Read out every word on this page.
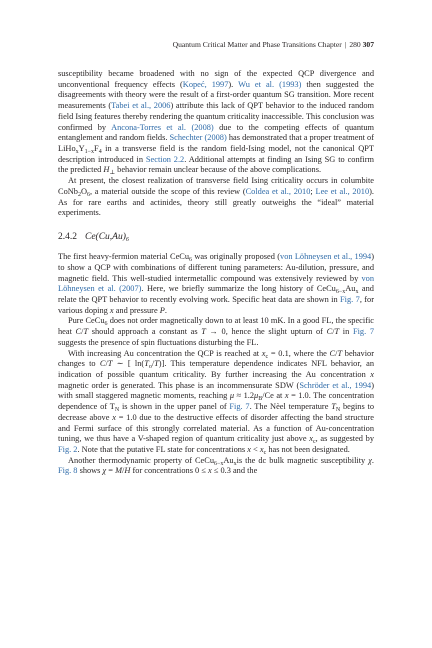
Quantum Critical Matter and Phase Transitions Chapter | 280 307

susceptibility became broadened with no sign of the expected QCP divergence and unconventional frequency effects (Kopeć, 1997). Wu et al. (1993) then suggested the disagreements with theory were the result of a first-order quantum SG transition. More recent measurements (Tabei et al., 2006) attribute this lack of QPT behavior to the induced random field Ising features thereby rendering the quantum criticality inaccessible. This conclusion was confirmed by Ancona-Torres et al. (2008) due to the competing effects of quantum entanglement and random fields. Schechter (2008) has demonstrated that a proper treatment of $LiHo_xY_{1-x}F_4$ in a transverse field is the random field-Ising model, not the canonical QPT description introduced in Section 2.2. Additional attempts at finding an Ising SG to confirm the predicted $H_\perp$ behavior remain unclear because of the above complications.

At present, the closest realization of transverse field Ising criticality occurs in columbite $CoNb_2O_6$, a material outside the scope of this review (Coldea et al., 2010; Lee et al., 2010). As for rare earths and actinides, theory still greatly outweighs the “ideal” material experiments.

2.4.2 $Ce(Cu,Au)_6$

The first heavy-fermion material CeCu$_6$ was originally proposed (von Löhneysen et al., 1994) to show a QCP with combinations of different tuning parameters: Au-dilution, pressure, and magnetic field. This well-studied intermetallic compound was extensively reviewed by von Löhneysen et al. (2007). Here, we briefly summarize the long history of $CeCu_{6-x}Au_x$ and relate the QPT behavior to recently evolving work. Specific heat data are shown in Fig. 7, for various doping x and pressure P.

Pure CeCu$_6$ does not order magnetically down to at least 10 mK. In a good FL, the specific heat C/T should approach a constant as T → 0, hence the slight upturn of C/T in Fig. 7 suggests the presence of spin fluctuations disturbing the FL.

With increasing Au concentration the QCP is reached at $x_c = 0.1$, where the C/T behavior changes to C/T ∼ [ $\ln(T_o/T)$]. This temperature dependence indicates NFL behavior, an indication of possible quantum criticality. By further increasing the Au concentration x magnetic order is generated. This phase is an incommensurate SDW (Schröder et al., 1994) with small staggered magnetic moments, reaching $\mu \approx 1.2\mu_B/Ce$ at x = 1.0. The concentration dependence of $T_N$ is shown in the upper panel of Fig. 7. The Nèel temperature $T_N$ begins to decrease above x = 1.0 due to the destructive effects of disorder affecting the band structure and Fermi surface of this strongly correlated material. As a function of Au-concentration tuning, we thus have a V-shaped region of quantum criticality just above $x_c$, as suggested by Fig. 2. Note that the putative FL state for concentrations $x < x_c$ has not been designated.

Another thermodynamic property of $CeCu_{6-x}Au_xis$ the dc bulk magnetic susceptibility χ. Fig. 8 shows χ = M/H for concentrations 0 ≤ x ≤ 0.3 and the
